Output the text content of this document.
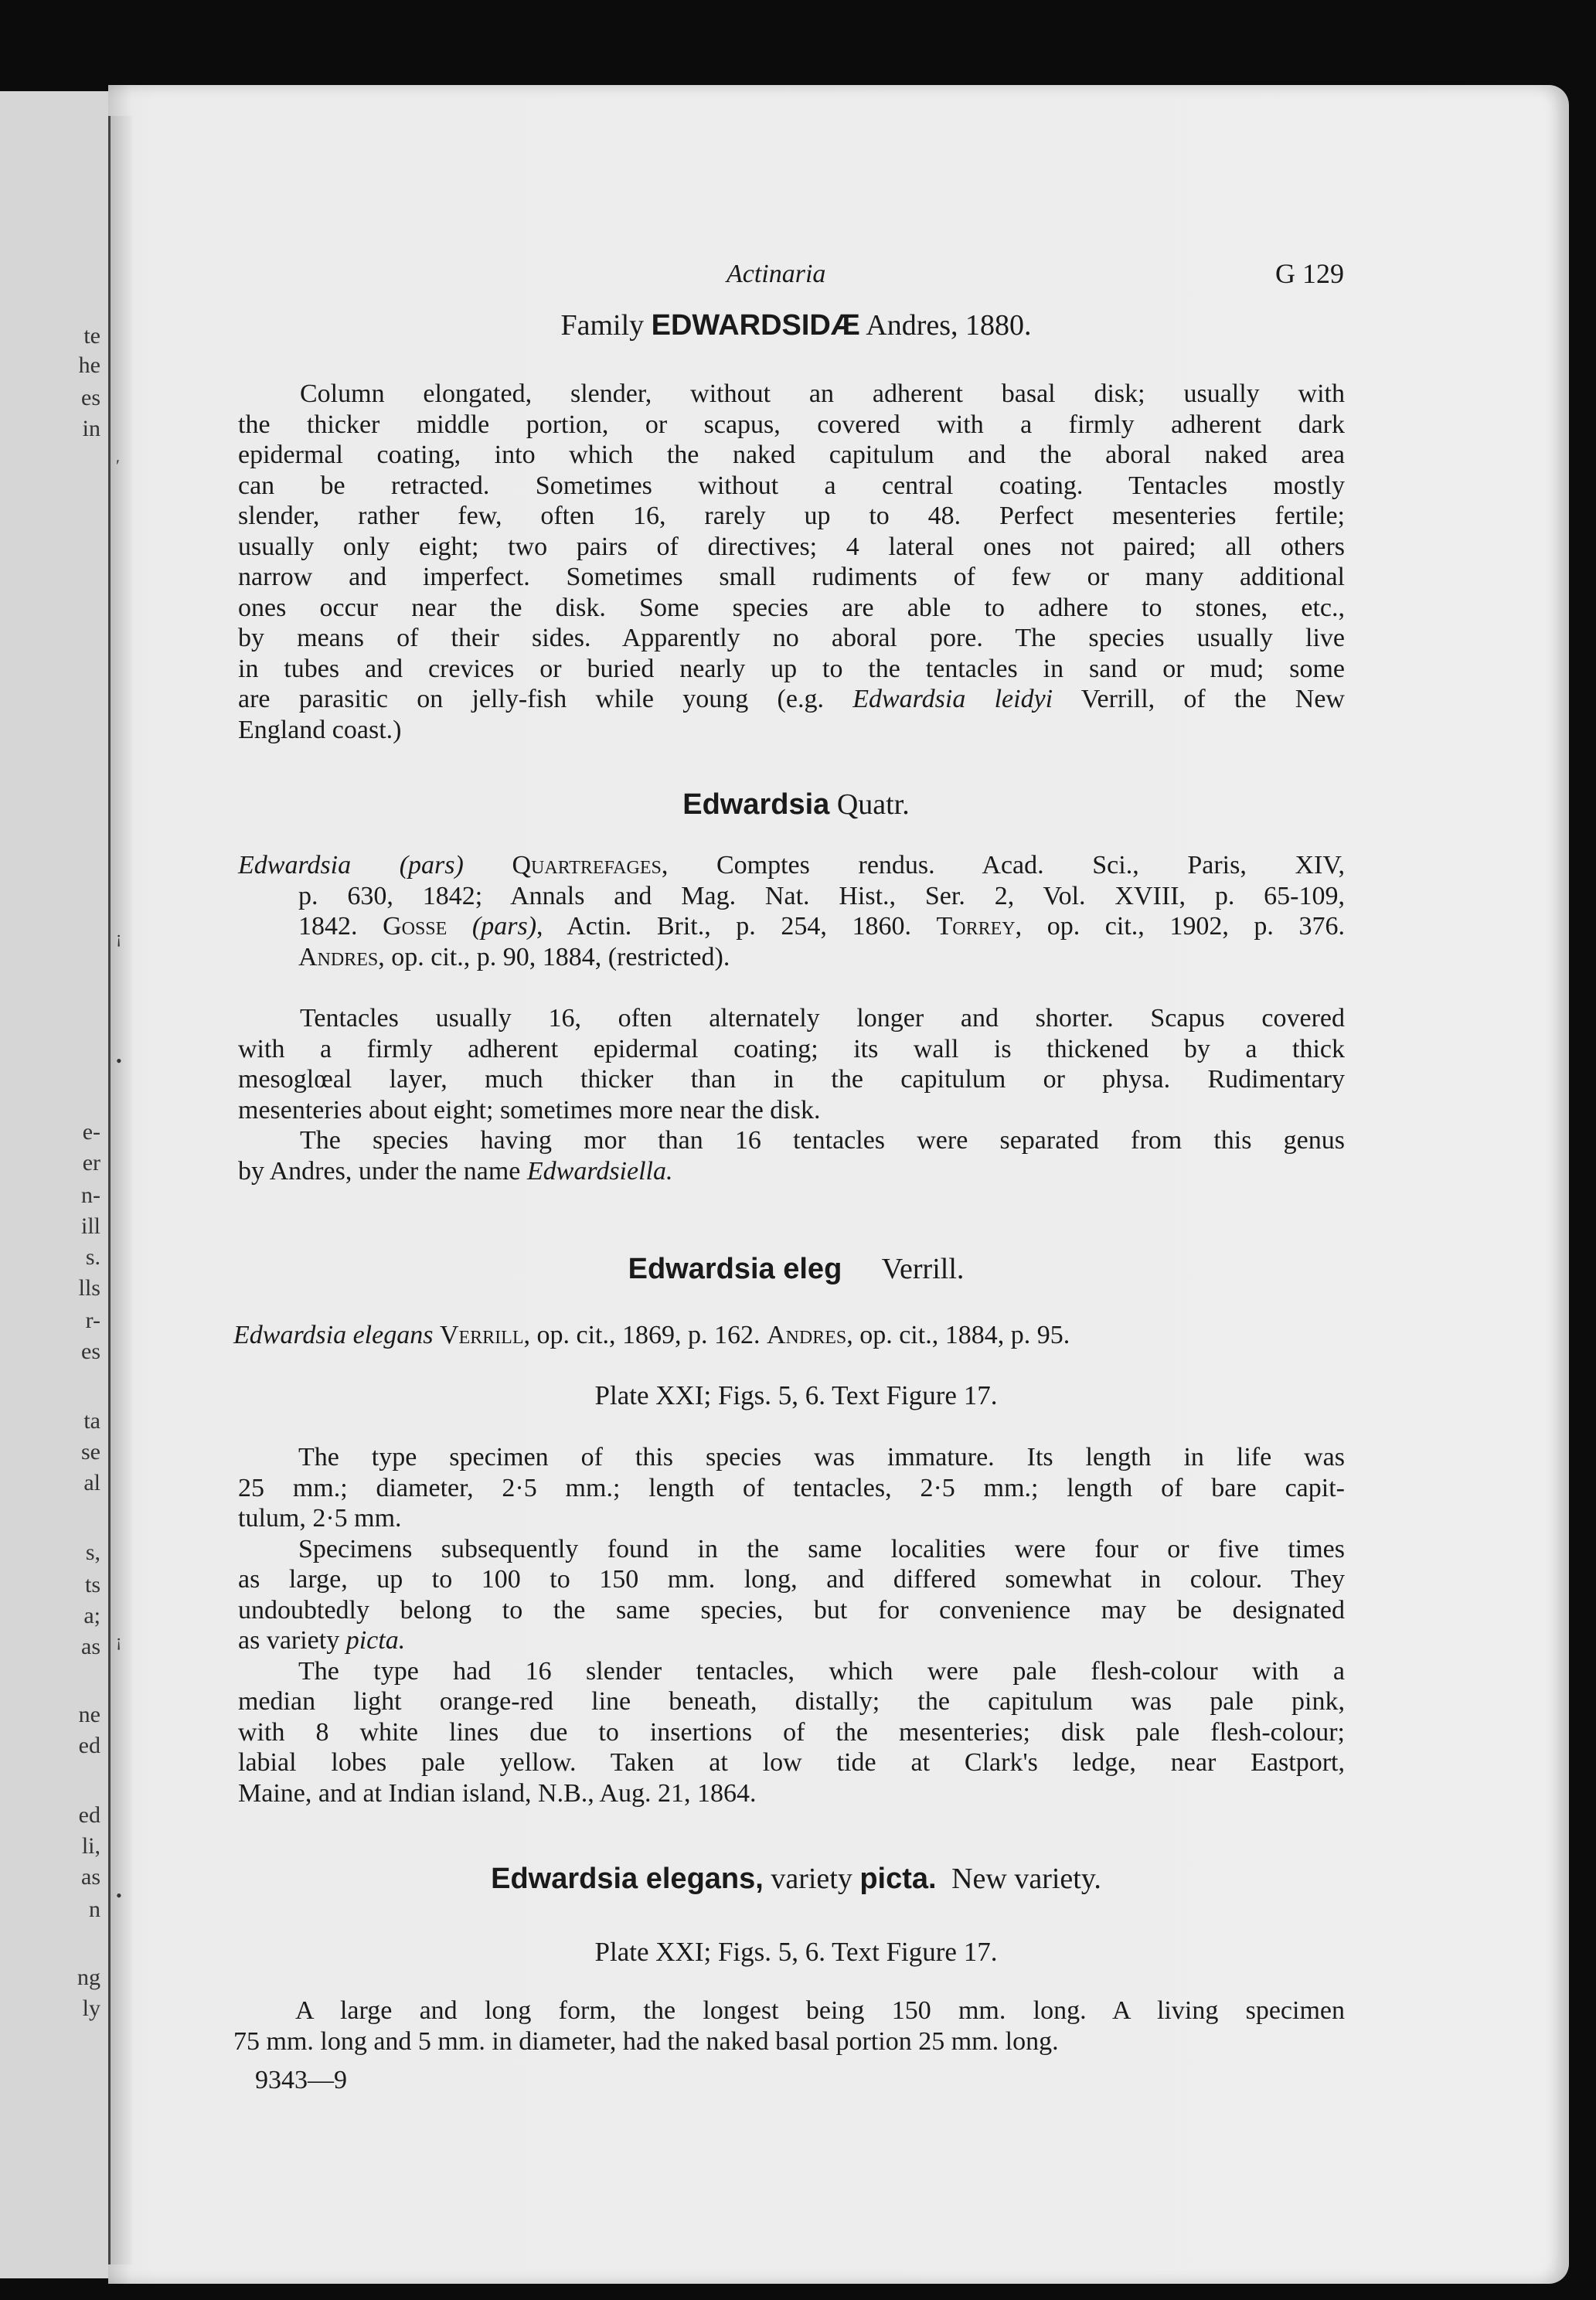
te
he
es
in
e-
er
n-
ill
s.
lls
r-
es
ta
se
al
s,
ts
a;
as
ne
ed
ed
li,
as
n
ng
ly
Actinaria	G 129
Family EDWARDSIDÆ Andres, 1880.
Column elongated, slender, without an adherent basal disk; usually with
the thicker middle portion, or scapus, covered with a firmly adherent dark
epidermal coating, into which the naked capitulum and the aboral naked area
can be retracted. Sometimes without a central coating. Tentacles mostly
slender, rather few, often 16, rarely up to 48. Perfect mesenteries fertile;
usually only eight; two pairs of directives; 4 lateral ones not paired; all others
narrow and imperfect. Sometimes small rudiments of few or many additional
ones occur near the disk. Some species are able to adhere to stones, etc.,
by means of their sides. Apparently no aboral pore. The species usually live
in tubes and crevices or buried nearly up to the tentacles in sand or mud; some
are parasitic on jelly-fish while young (e.g. Edwardsia leidyi Verrill, of the New
England coast.)
Edwardsia Quatr.
Edwardsia (pars) Quartrefages, Comptes rendus. Acad. Sci., Paris, XIV,
p. 630, 1842; Annals and Mag. Nat. Hist., Ser. 2, Vol. XVIII, p. 65-109,
1842. Gosse (pars), Actin. Brit., p. 254, 1860. Torrey, op. cit., 1902, p. 376.
Andres, op. cit., p. 90, 1884, (restricted).
Tentacles usually 16, often alternately longer and shorter. Scapus covered
with a firmly adherent epidermal coating; its wall is thickened by a thick
mesoglœal layer, much thicker than in the capitulum or physa. Rudimentary
mesenteries about eight; sometimes more near the disk.
The species having mor than 16 tentacles were separated from this genus
by Andres, under the name Edwardsiella.
Edwardsia eleg   Verrill.
Edwardsia elegans Verrill, op. cit., 1869, p. 162. Andres, op. cit., 1884, p. 95.
Plate XXI; Figs. 5, 6. Text Figure 17.
The type specimen of this species was immature. Its length in life was
25 mm.; diameter, 2·5 mm.; length of tentacles, 2·5 mm.; length of bare capit-
tulum, 2·5 mm.
Specimens subsequently found in the same localities were four or five times
as large, up to 100 to 150 mm. long, and differed somewhat in colour. They
undoubtedly belong to the same species, but for convenience may be designated
as variety picta.
The type had 16 slender tentacles, which were pale flesh-colour with a
median light orange-red line beneath, distally; the capitulum was pale pink,
with 8 white lines due to insertions of the mesenteries; disk pale flesh-colour;
labial lobes pale yellow. Taken at low tide at Clark's ledge, near Eastport,
Maine, and at Indian island, N.B., Aug. 21, 1864.
Edwardsia elegans, variety picta. New variety.
Plate XXI; Figs. 5, 6. Text Figure 17.
A large and long form, the longest being 150 mm. long. A living specimen
75 mm. long and 5 mm. in diameter, had the naked basal portion 25 mm. long.
9343—9
ʹ
¡
•
¡
•
